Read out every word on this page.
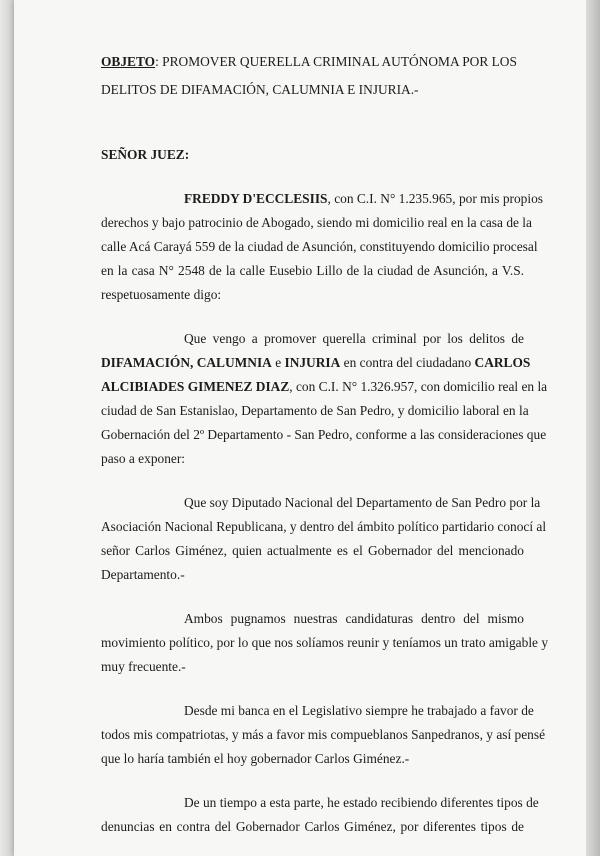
OBJETO: PROMOVER QUERELLA CRIMINAL AUTÓNOMA POR LOS
DELITOS DE DIFAMACIÓN, CALUMNIA E INJURIA.-
SEÑOR JUEZ:
FREDDY D'ECCLESIIS, con C.I. N° 1.235.965, por mis propios
derechos y bajo patrocinio de Abogado, siendo mi domicilio real en la casa de la
calle Acá Carayá 559 de la ciudad de Asunción, constituyendo domicilio procesal
en la casa N° 2548 de la calle Eusebio Lillo de la ciudad de Asunción, a V.S.
respetuosamente digo:
Que vengo a promover querella criminal por los delitos de
DIFAMACIÓN, CALUMNIA e INJURIA en contra del ciudadano CARLOS
ALCIBIADES GIMENEZ DIAZ, con C.I. N° 1.326.957, con domicilio real en la
ciudad de San Estanislao, Departamento de San Pedro, y domicilio laboral en la
Gobernación del 2º Departamento - San Pedro, conforme a las consideraciones que
paso a exponer:
Que soy Diputado Nacional del Departamento de San Pedro por la
Asociación Nacional Republicana, y dentro del ámbito político partidario conocí al
señor Carlos Giménez, quien actualmente es el Gobernador del mencionado
Departamento.-
Ambos pugnamos nuestras candidaturas dentro del mismo
movimiento político, por lo que nos solíamos reunir y teníamos un trato amigable y
muy frecuente.-
Desde mi banca en el Legislativo siempre he trabajado a favor de
todos mis compatriotas, y más a favor mis compueblanos Sanpedranos, y así pensé
que lo haría también el hoy gobernador Carlos Giménez.-
De un tiempo a esta parte, he estado recibiendo diferentes tipos de
denuncias en contra del Gobernador Carlos Giménez, por diferentes tipos de
